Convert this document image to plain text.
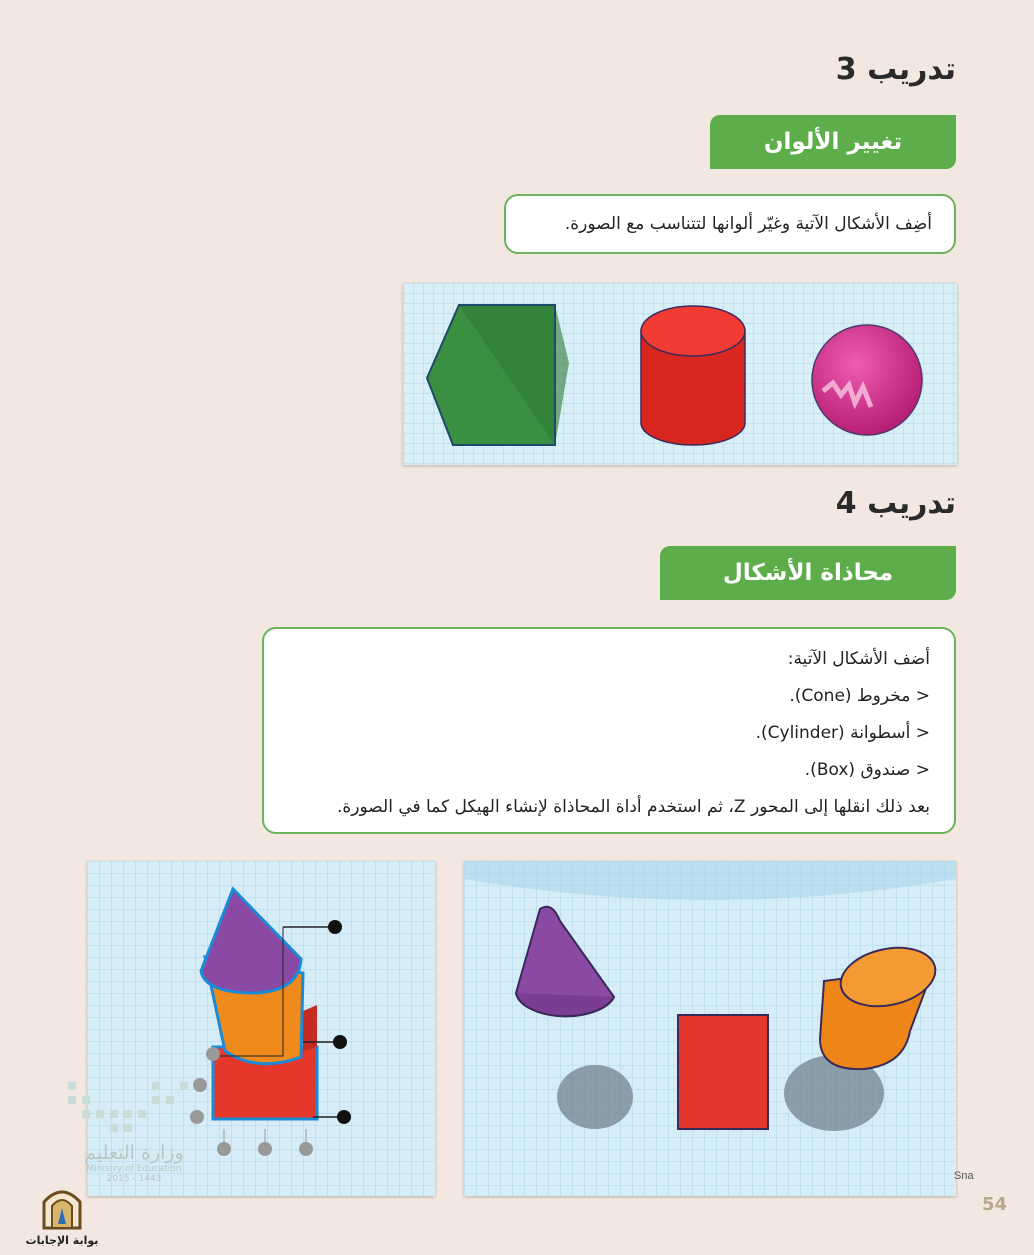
تدريب 3
تغيير الألوان
أضِف الأشكال الآتية وغيّر ألوانها لتتناسب مع الصورة.
تدريب 4
محاذاة الأشكال
أضف الأشكال الآتية:
< مخروط (Cone).
< أسطوانة (Cylinder).
< صندوق (Box).
بعد ذلك انقلها إلى المحور Z، ثم استخدم أداة المحاذاة لإنشاء الهيكل كما في الصورة.
Sna
وزارة التعليم
Ministry of Education
2015 - 1443
بوابة الإجابات
54
